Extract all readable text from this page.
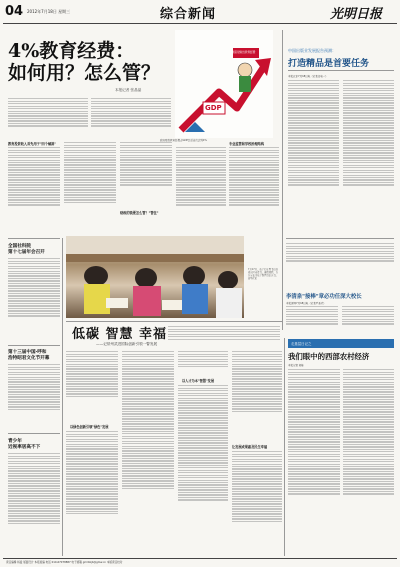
04 2012年7月18日 星期三	综合新闻	光明日报
4%教育经费：
如何用？怎么管？
本报记者 张晶晶
国家财政性教育经费
GDP
政府财政教育经费占GDP比重首次达到4%
教育投资收入首先用于"四个倾斜"
财政的钱要怎么管？"管住"
专业监管和学校治理结构
中国出版业发展报告预测：
打造精品是首要任务
本报北京7月18日电（记者庄电一）
全国社科院
第十七届年会召开
第十三届中国·呼和
浩特昭君文化节开幕
青少年
近视率居高不下
7月17日，孩子们在图书馆的阅读区内看书。暑假期间，许多家长带孩子到图书馆读书。新华社发
李清泉"接棒"章必功任深大校长
本报深圳7月18日电（记者严圣禾）
低碳 智慧 幸福
——记常州武进国际创新引领一瞥发展
以绿色创新引领"绿色"发展
以人才为本"智慧"发展
让发展成果惠及民生幸福
走基层日记之
我们眼中的西部农村经济
本报记者 刘栋
责任编辑 杨谧 版面设计 本报美编 电话 010-67078887 电子邮箱 gmrbkjb@gmw.cn 本版责任校对
